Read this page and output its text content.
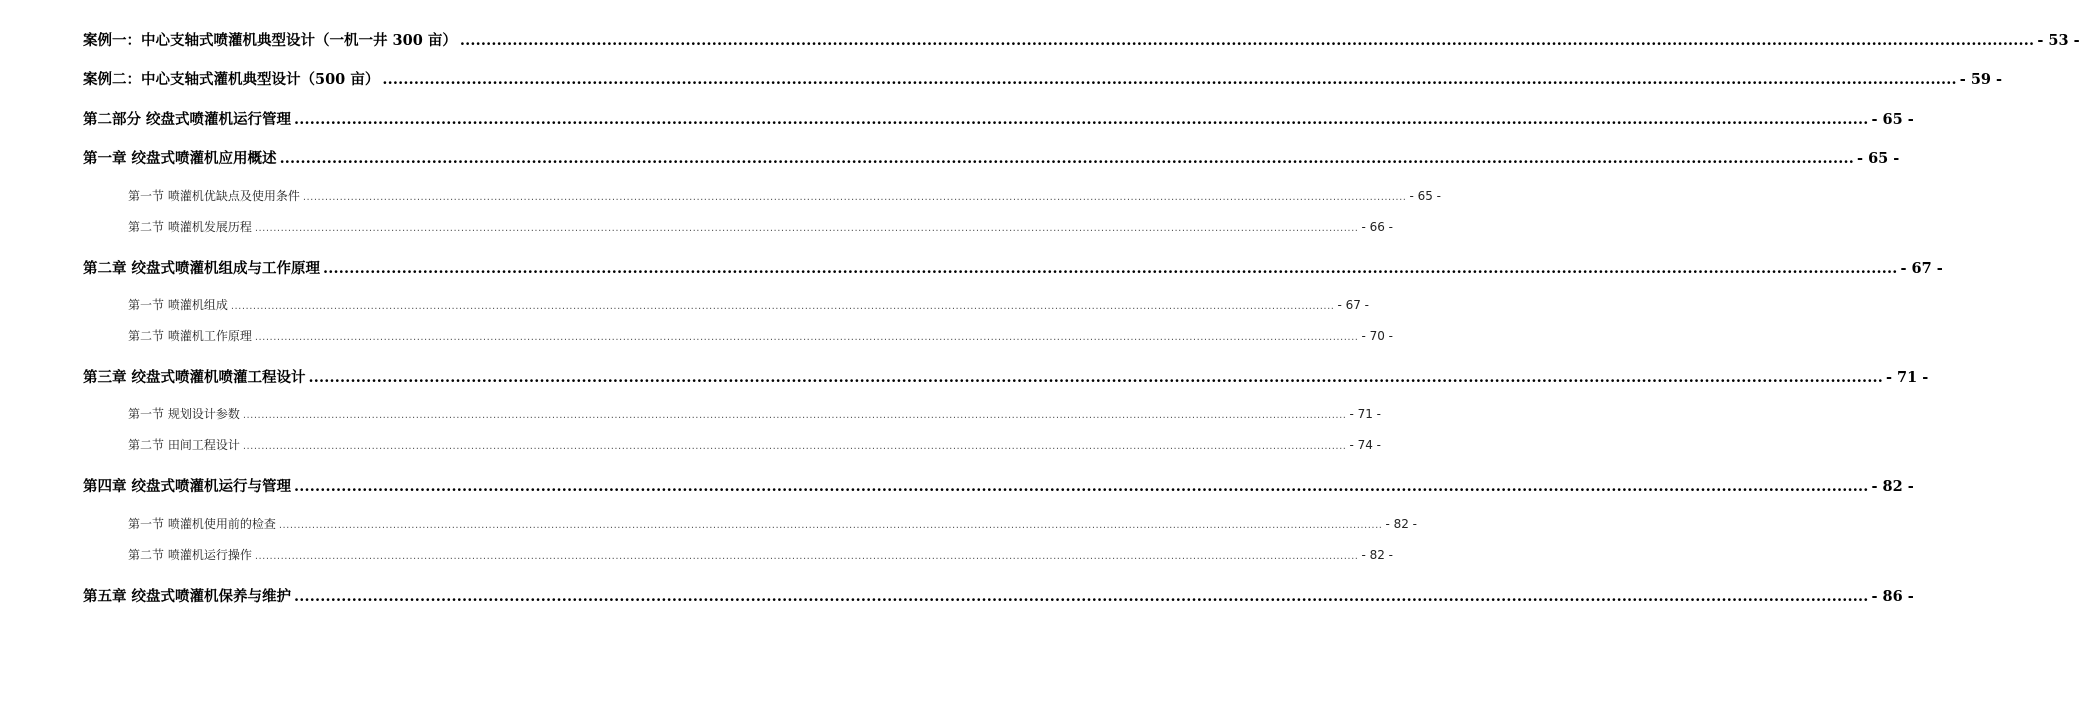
案例一：中心支轴式喷灌机典型设计（一机一井 300 亩） ............................................................................................................................................................................................................................................................................................................ - 53 -
案例二：中心支轴式灌机典型设计（500 亩） ............................................................................................................................................................................................................................................................................................................ - 59 -
第二部分 绞盘式喷灌机运行管理 ............................................................................................................................................................................................................................................................................................................ - 65 -
第一章 绞盘式喷灌机应用概述 ............................................................................................................................................................................................................................................................................................................ - 65 -
第一节 喷灌机优缺点及使用条件 ............................................................................................................................................................................................................................................................................................................ - 65 -
第二节 喷灌机发展历程 ............................................................................................................................................................................................................................................................................................................ - 66 -
第二章 绞盘式喷灌机组成与工作原理 ............................................................................................................................................................................................................................................................................................................ - 67 -
第一节 喷灌机组成 ............................................................................................................................................................................................................................................................................................................ - 67 -
第二节 喷灌机工作原理 ............................................................................................................................................................................................................................................................................................................ - 70 -
第三章 绞盘式喷灌机喷灌工程设计 ............................................................................................................................................................................................................................................................................................................ - 71 -
第一节 规划设计参数 ............................................................................................................................................................................................................................................................................................................ - 71 -
第二节 田间工程设计 ............................................................................................................................................................................................................................................................................................................ - 74 -
第四章 绞盘式喷灌机运行与管理 ............................................................................................................................................................................................................................................................................................................ - 82 -
第一节 喷灌机使用前的检查 ............................................................................................................................................................................................................................................................................................................ - 82 -
第二节 喷灌机运行操作 ............................................................................................................................................................................................................................................................................................................ - 82 -
第五章 绞盘式喷灌机保养与维护 ............................................................................................................................................................................................................................................................................................................ - 86 -
